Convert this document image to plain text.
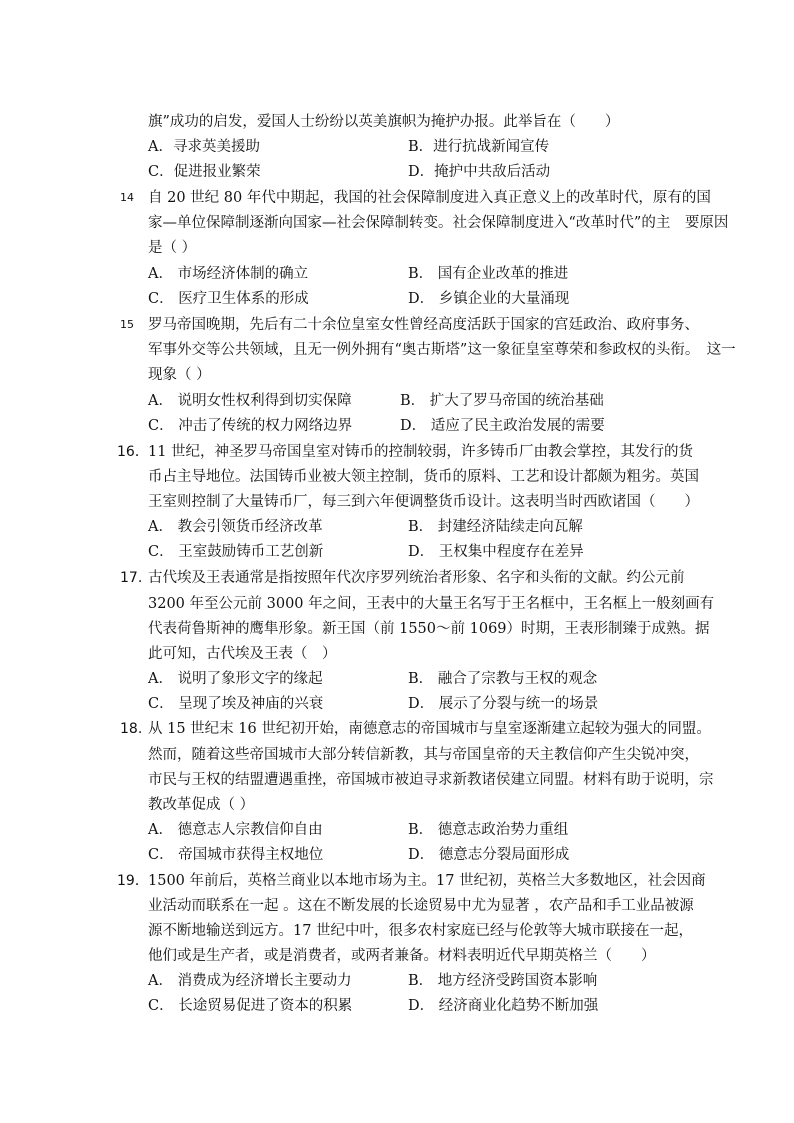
旗”成功的启发，爱国人士纷纷以英美旗帜为掩护办报。此举旨在（　　）
A．寻求英美援助	B．进行抗战新闻宣传
C．促进报业繁荣	D．掩护中共敌后活动
14 自 20 世纪 80 年代中期起，我国的社会保障制度进入真正意义上的改革时代，原有的国
家—单位保障制逐渐向国家—社会保障制转变。社会保障制度进入“改革时代”的主　要原因
是（ ）
A． 市场经济体制的确立	B． 国有企业改革的推进
C． 医疗卫生体系的形成	D． 乡镇企业的大量涌现
15 罗马帝国晚期，先后有二十余位皇室女性曾经高度活跃于国家的宫廷政治、政府事务、
军事外交等公共领域，且无一例外拥有“奥古斯塔”这一象征皇室尊荣和参政权的头衔。　这一
现象（ ）
A． 说明女性权利得到切实保障	B． 扩大了罗马帝国的统治基础
C． 冲击了传统的权力网络边界	D． 适应了民主政治发展的需要
16． 11 世纪，神圣罗马帝国皇室对铸币的控制较弱，许多铸币厂由教会掌控，其发行的货
币占主导地位。法国铸币业被大领主控制，货币的原料、工艺和设计都颇为粗劣。英国
王室则控制了大量铸币厂，每三到六年便调整货币设计。这表明当时西欧诸国（　　）
A． 教会引领货币经济改革	B． 封建经济陆续走向瓦解
C． 王室鼓励铸币工艺创新	D． 王权集中程度存在差异
17. 古代埃及王表通常是指按照年代次序罗列统治者形象、名字和头衔的文献。约公元前
3200 年至公元前 3000 年之间，王表中的大量王名写于王名框中，王名框上一般刻画有
代表荷鲁斯神的鹰隼形象。新王国（前 1550～前 1069）时期，王表形制臻于成熟。据
此可知，古代埃及王表（　）
A． 说明了象形文字的缘起	B． 融合了宗教与王权的观念
C． 呈现了埃及神庙的兴衰	D． 展示了分裂与统一的场景
18. 从 15 世纪末 16 世纪初开始，南德意志的帝国城市与皇室逐渐建立起较为强大的同盟。
然而，随着这些帝国城市大部分转信新教，其与帝国皇帝的天主教信仰产生尖锐冲突，
市民与王权的结盟遭遇重挫，帝国城市被迫寻求新教诸侯建立同盟。材料有助于说明，宗
教改革促成（ ）
A． 德意志人宗教信仰自由	B． 德意志政治势力重组
C． 帝国城市获得主权地位	D． 德意志分裂局面形成
19． 1500 年前后，英格兰商业以本地市场为主。17 世纪初，英格兰大多数地区，社会因商
业活动而联系在一起 。这在不断发展的长途贸易中尤为显著 ，农产品和手工业品被源
源不断地输送到远方。17 世纪中叶，很多农村家庭已经与伦敦等大城市联接在一起，
他们或是生产者，或是消费者，或两者兼备。材料表明近代早期英格兰（　　）
A． 消费成为经济增长主要动力	B． 地方经济受跨国资本影响
C． 长途贸易促进了资本的积累	D． 经济商业化趋势不断加强
